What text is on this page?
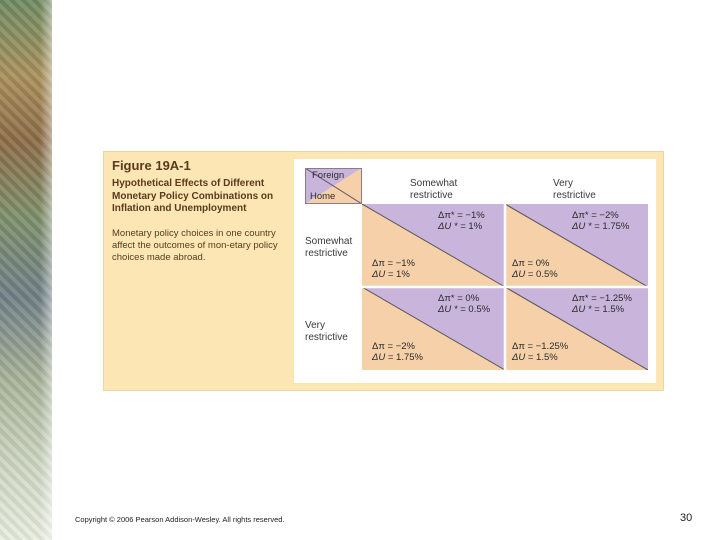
Figure 19A-1
Hypothetical Effects of Different Monetary Policy Combinations on Inflation and Unemployment
Monetary policy choices in one country affect the outcomes of mon-etary policy choices made abroad.
Foreign
Home
Somewhat
restrictive
Very
restrictive
Somewhat
restrictive
Very
restrictive
Δπ* = −1%
ΔU * = 1%
Δπ = −1%
ΔU = 1%
Δπ* = −2%
ΔU * = 1.75%
Δπ = 0%
ΔU = 0.5%
Δπ* = 0%
ΔU * = 0.5%
Δπ = −2%
ΔU = 1.75%
Δπ* = −1.25%
ΔU * = 1.5%
Δπ = −1.25%
ΔU = 1.5%
Copyright © 2006 Pearson Addison-Wesley. All rights reserved.	30
